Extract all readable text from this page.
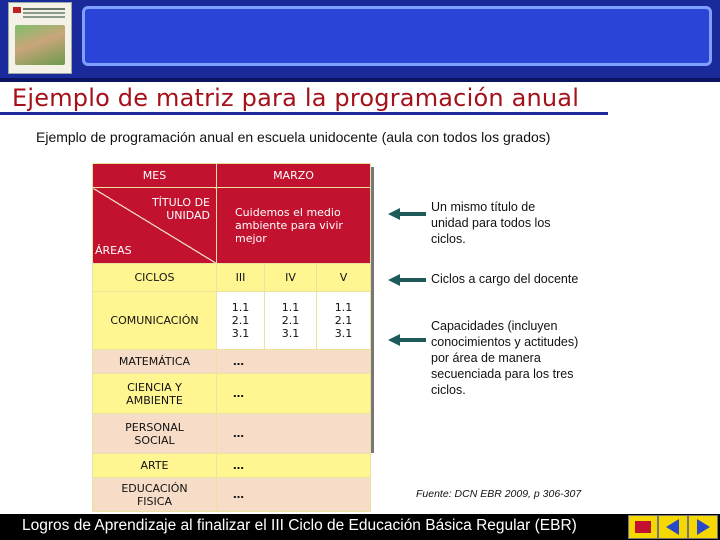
Ejemplo de matriz para la programación anual
Ejemplo de programación anual en escuela unidocente (aula con todos los grados)
MES	MARZO		

TÍTULO DE
UNIDAD
ÁREAS	Cuidemos el medio ambiente para vivir mejor		
CICLOS	III	IV	V
COMUNICACIÓN	1.1
2.1
3.1	1.1
2.1
3.1	1.1
2.1
3.1
MATEMÁTICA	…		
CIENCIA Y
AMBIENTE	…		
PERSONAL
SOCIAL	…		
ARTE	…		
EDUCACIÓN
FISICA	…		
Un mismo título de unidad para todos los ciclos.
Ciclos a cargo del docente
Capacidades (incluyen conocimientos y actitudes) por área de manera secuenciada para los tres ciclos.
Fuente: DCN EBR 2009, p 306-307
Logros de Aprendizaje al finalizar el III Ciclo de Educación Básica Regular (EBR)
